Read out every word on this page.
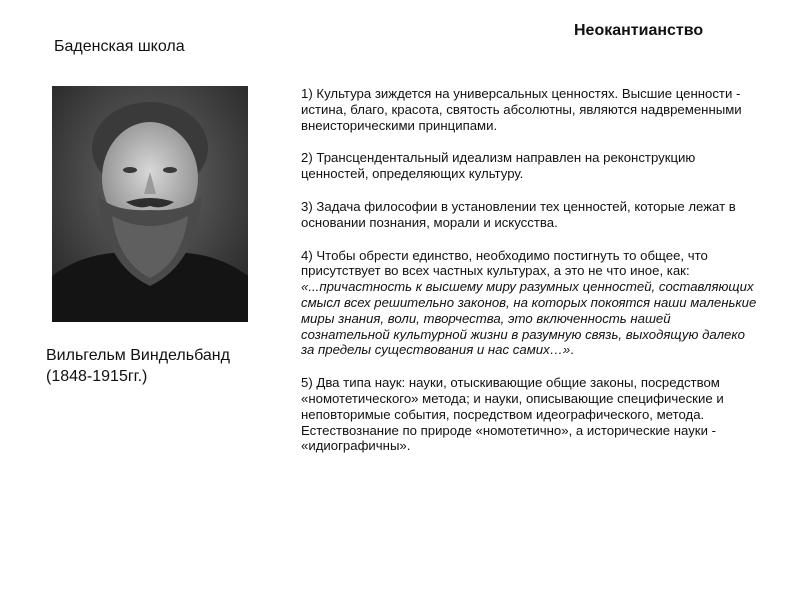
Баденская школа
Неокантианство
Вильгельм Виндельбанд
(1848-1915гг.)
1) Культура зиждется на универсальных ценностях. Высшие ценности - истина, благо, красота, святость абсолютны, являются надвременными внеисторическими принципами.
2) Трансцендентальный идеализм направлен на реконструкцию ценностей, определяющих культуру.
3) Задача философии в установлении тех ценностей, которые лежат в основании познания, морали и искусства.
4) Чтобы обрести единство, необходимо постигнуть то общее, что присутствует во всех частных культурах, а это не что иное, как: «...причастность к высшему миру разумных ценностей, составляющих смысл всех решительно законов, на которых покоятся наши маленькие миры знания, воли, творчества, это включенность нашей сознательной культурной жизни в разумную связь, выходящую далеко за пределы существования и нас самих…».
5) Два типа наук: науки, отыскивающие общие законы, посредством «номотетического» метода; и науки, описывающие специфические и неповторимые события, посредством идеографического, метода. Естествознание по природе «номотетично», а исторические науки - «идиографичны».
